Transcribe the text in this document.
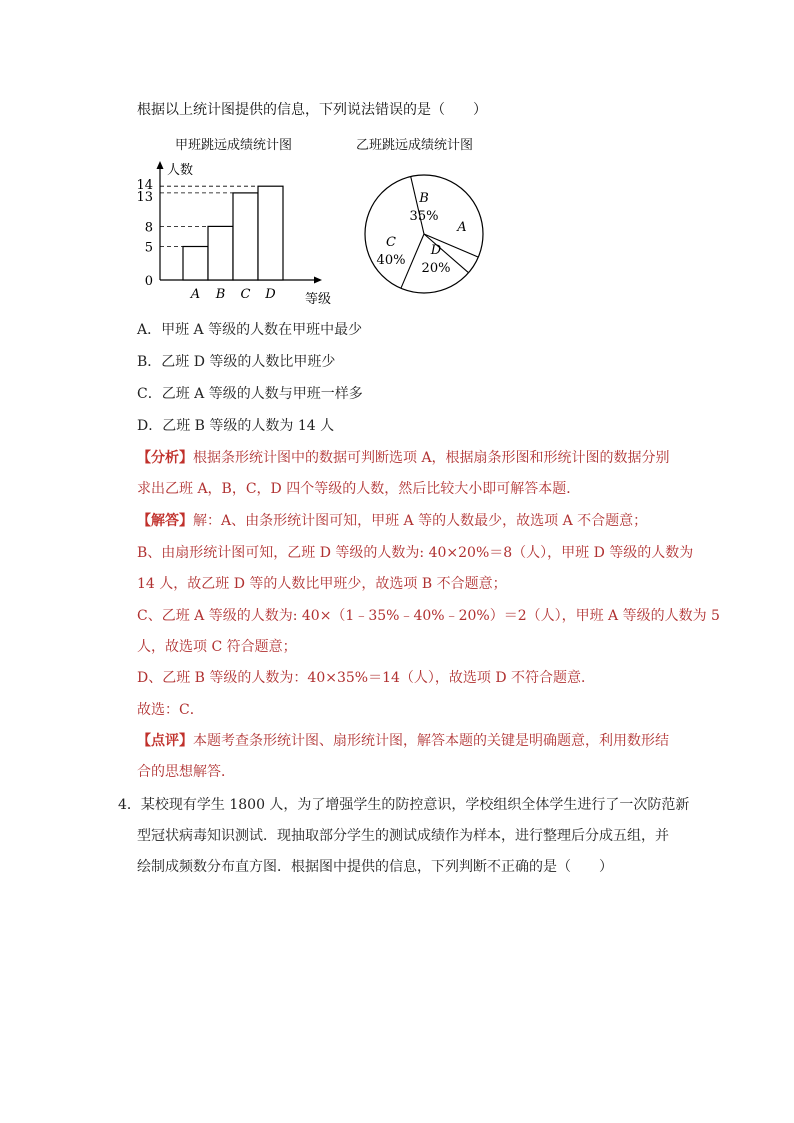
根据以上统计图提供的信息，下列说法错误的是（　　）
甲班跳远成绩统计图	乙班跳远成绩统计图
人数
等级
A B C D
0
5
8
13
14
B
35%
A
D
20%
C
40%
A．甲班 A 等级的人数在甲班中最少
B．乙班 D 等级的人数比甲班少
C．乙班 A 等级的人数与甲班一样多
D．乙班 B 等级的人数为 14 人
【分析】根据条形统计图中的数据可判断选项 A，根据扇条形图和形统计图的数据分别
求出乙班 A，B，C，D 四个等级的人数，然后比较大小即可解答本题．
【解答】解：A、由条形统计图可知，甲班 A 等的人数最少，故选项 A 不合题意；
B、由扇形统计图可知，乙班 D 等级的人数为: 40×20%＝8（人），甲班 D 等级的人数为
14 人，故乙班 D 等的人数比甲班少，故选项 B 不合题意；
C、乙班 A 等级的人数为: 40×（1﹣35%﹣40%﹣20%）＝2（人），甲班 A 等级的人数为 5
人，故选项 C 符合题意；
D、乙班 B 等级的人数为：40×35%＝14（人），故选项 D 不符合题意．
故选：C．
【点评】本题考查条形统计图、扇形统计图，解答本题的关键是明确题意，利用数形结
合的思想解答．
4．某校现有学生 1800 人，为了增强学生的防控意识，学校组织全体学生进行了一次防范新
型冠状病毒知识测试．现抽取部分学生的测试成绩作为样本，进行整理后分成五组，并
绘制成频数分布直方图．根据图中提供的信息，下列判断不正确的是（　　）
